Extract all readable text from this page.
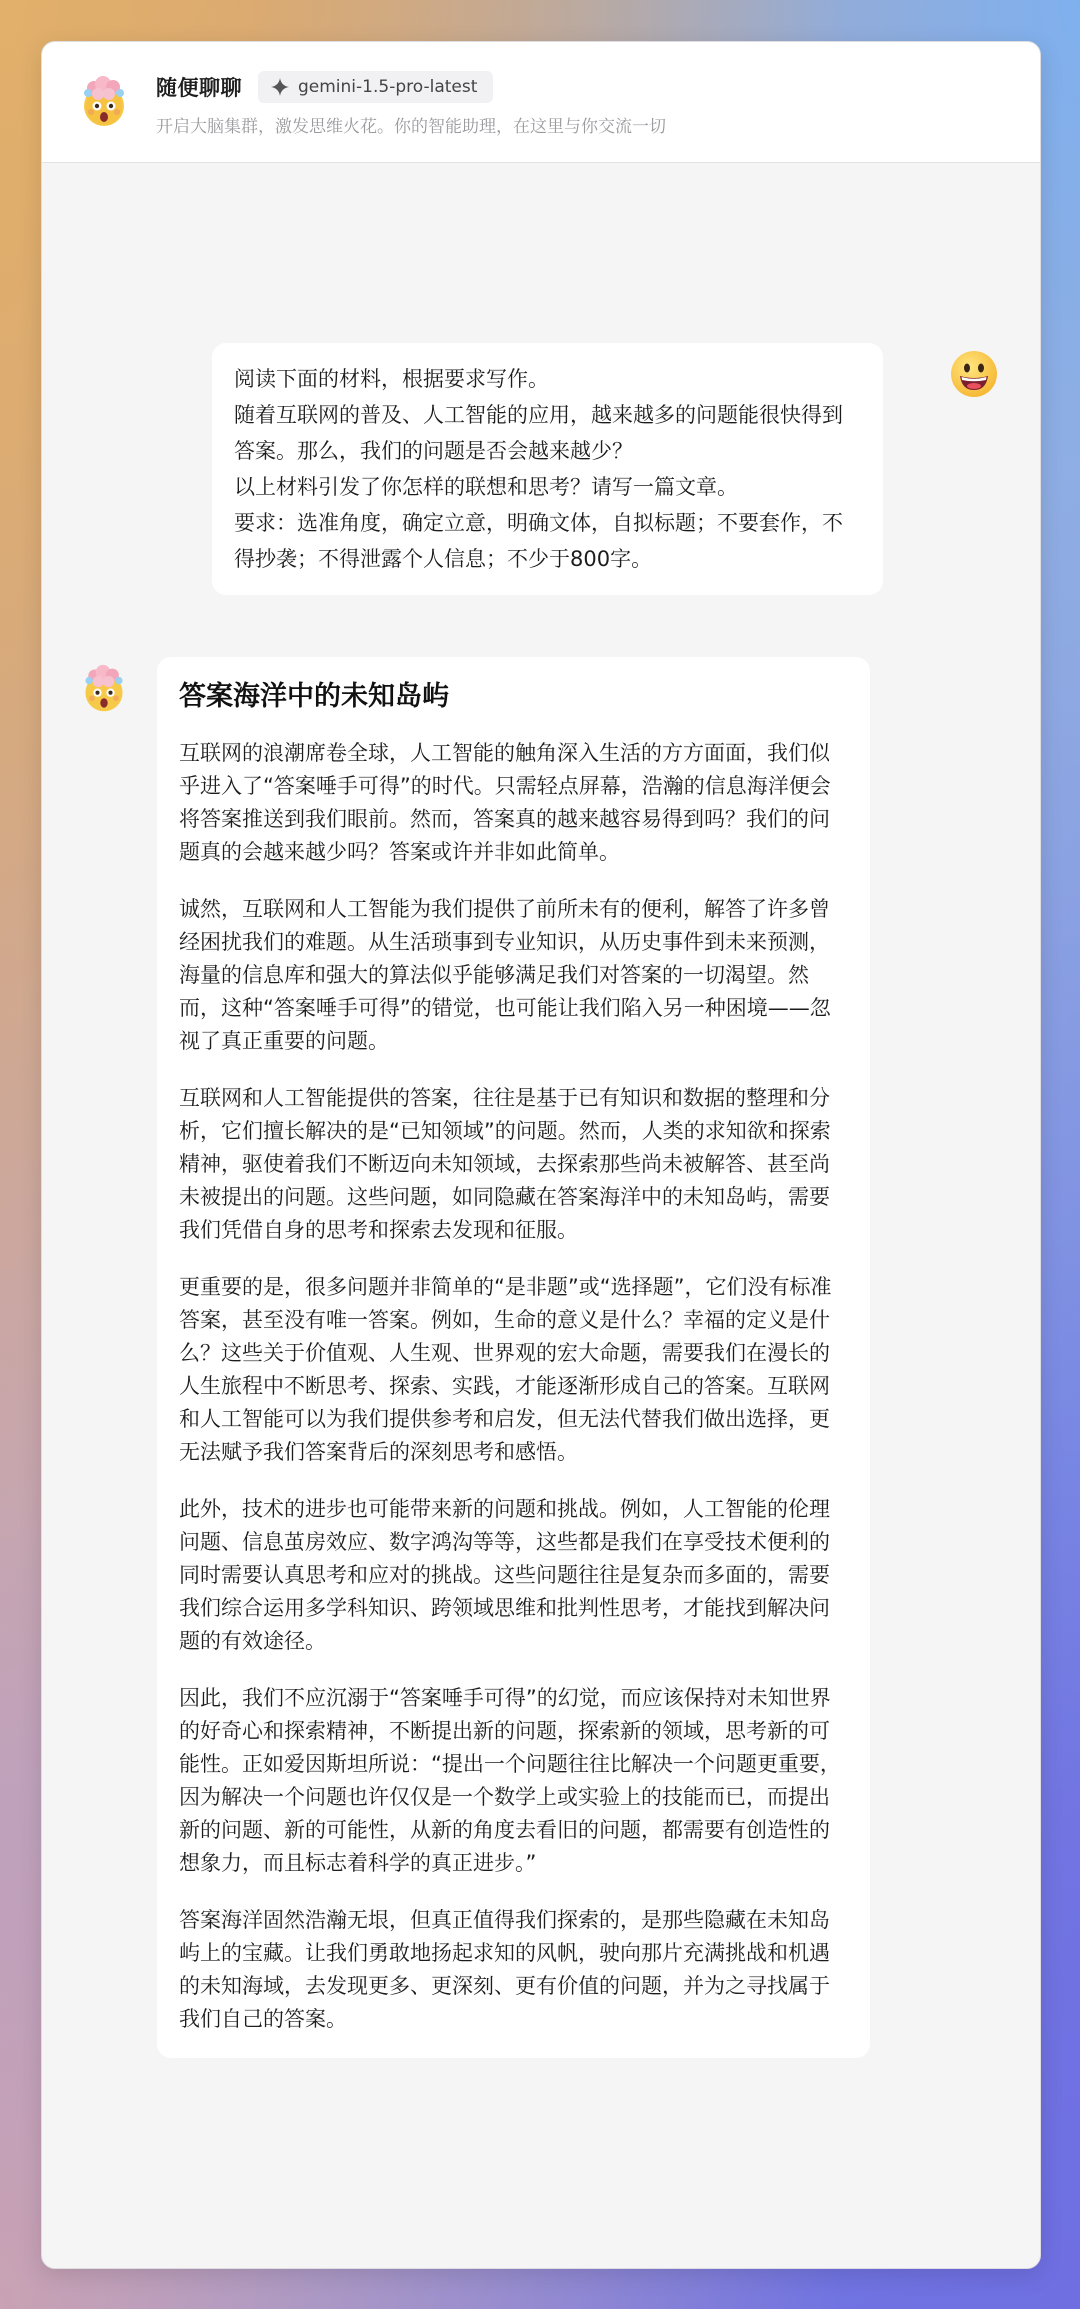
随便聊聊	gemini-1.5-pro-latest
开启大脑集群，激发思维火花。你的智能助理，在这里与你交流一切

阅读下面的材料，根据要求写作。

随着互联网的普及、人工智能的应用，越来越多的问题能很快得到答案。那么，我们的问题是否会越来越少？

以上材料引发了你怎样的联想和思考？请写一篇文章。

要求：选准角度，确定立意，明确文体，自拟标题；不要套作，不得抄袭；不得泄露个人信息；不少于800字。

答案海洋中的未知岛屿

互联网的浪潮席卷全球，人工智能的触角深入生活的方方面面，我们似乎进入了“答案唾手可得”的时代。只需轻点屏幕，浩瀚的信息海洋便会将答案推送到我们眼前。然而，答案真的越来越容易得到吗？我们的问题真的会越来越少吗？答案或许并非如此简单。

诚然，互联网和人工智能为我们提供了前所未有的便利，解答了许多曾经困扰我们的难题。从生活琐事到专业知识，从历史事件到未来预测，海量的信息库和强大的算法似乎能够满足我们对答案的一切渴望。然而，这种“答案唾手可得”的错觉，也可能让我们陷入另一种困境——忽视了真正重要的问题。

互联网和人工智能提供的答案，往往是基于已有知识和数据的整理和分析，它们擅长解决的是“已知领域”的问题。然而，人类的求知欲和探索精神，驱使着我们不断迈向未知领域，去探索那些尚未被解答、甚至尚未被提出的问题。这些问题，如同隐藏在答案海洋中的未知岛屿，需要我们凭借自身的思考和探索去发现和征服。

更重要的是，很多问题并非简单的“是非题”或“选择题”，它们没有标准答案，甚至没有唯一答案。例如，生命的意义是什么？幸福的定义是什么？这些关于价值观、人生观、世界观的宏大命题，需要我们在漫长的人生旅程中不断思考、探索、实践，才能逐渐形成自己的答案。互联网和人工智能可以为我们提供参考和启发，但无法代替我们做出选择，更无法赋予我们答案背后的深刻思考和感悟。

此外，技术的进步也可能带来新的问题和挑战。例如，人工智能的伦理问题、信息茧房效应、数字鸿沟等等，这些都是我们在享受技术便利的同时需要认真思考和应对的挑战。这些问题往往是复杂而多面的，需要我们综合运用多学科知识、跨领域思维和批判性思考，才能找到解决问题的有效途径。

因此，我们不应沉溺于“答案唾手可得”的幻觉，而应该保持对未知世界的好奇心和探索精神，不断提出新的问题，探索新的领域，思考新的可能性。正如爱因斯坦所说：“提出一个问题往往比解决一个问题更重要，因为解决一个问题也许仅仅是一个数学上或实验上的技能而已，而提出新的问题、新的可能性，从新的角度去看旧的问题，都需要有创造性的想象力，而且标志着科学的真正进步。”

答案海洋固然浩瀚无垠，但真正值得我们探索的，是那些隐藏在未知岛屿上的宝藏。让我们勇敢地扬起求知的风帆，驶向那片充满挑战和机遇的未知海域，去发现更多、更深刻、更有价值的问题，并为之寻找属于我们自己的答案。
